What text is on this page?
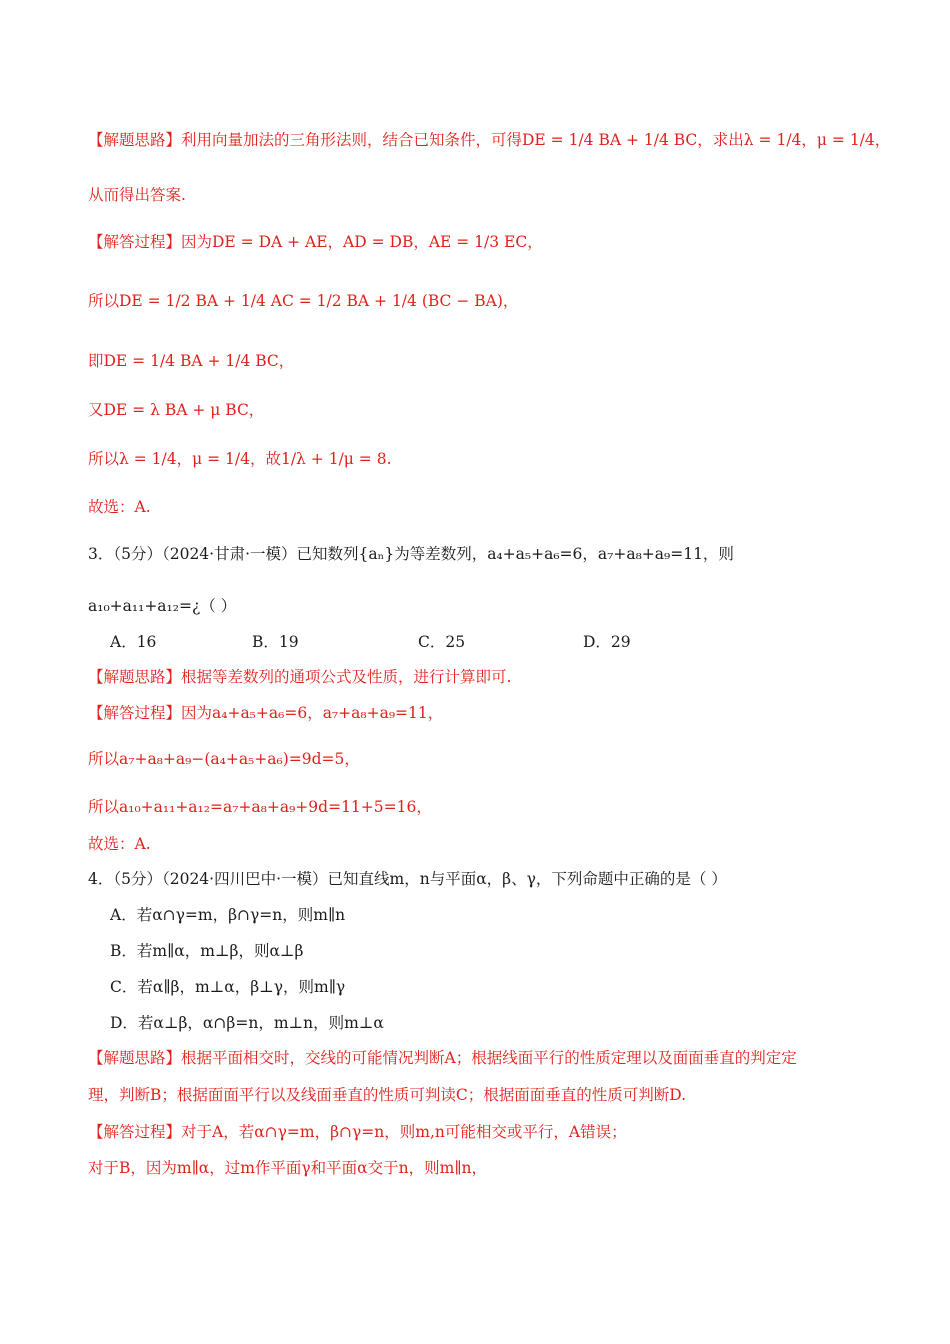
【解题思路】利用向量加法的三角形法则，结合已知条件，可得DE = 1/4 BA + 1/4 BC，求出λ = 1/4，μ = 1/4，
从而得出答案.
【解答过程】因为DE = DA + AE，AD = DB，AE = 1/3 EC，
所以DE = 1/2 BA + 1/4 AC = 1/2 BA + 1/4 (BC − BA)，
即DE = 1/4 BA + 1/4 BC，
又DE = λ BA + μ BC，
所以λ = 1/4，μ = 1/4，故1/λ + 1/μ = 8.
故选：A.
3．（5分）（2024·甘肃·一模）已知数列{aₙ}为等差数列，a₄+a₅+a₆=6，a₇+a₈+a₉=11，则
a₁₀+a₁₁+a₁₂=¿（ ）
A．16	B．19	C．25	D．29
【解题思路】根据等差数列的通项公式及性质，进行计算即可.
【解答过程】因为a₄+a₅+a₆=6，a₇+a₈+a₉=11，
所以a₇+a₈+a₉−(a₄+a₅+a₆)=9d=5，
所以a₁₀+a₁₁+a₁₂=a₇+a₈+a₉+9d=11+5=16，
故选：A.
4．（5分）（2024·四川巴中·一模）已知直线m，n与平面α，β、γ，下列命题中正确的是（ ）
A．若α∩γ=m，β∩γ=n，则m∥n
B．若m∥α，m⊥β，则α⊥β
C．若α∥β，m⊥α，β⊥γ，则m∥γ
D．若α⊥β，α∩β=n，m⊥n，则m⊥α
【解题思路】根据平面相交时，交线的可能情况判断A；根据线面平行的性质定理以及面面垂直的判定定
理，判断B；根据面面平行以及线面垂直的性质可判读C；根据面面垂直的性质可判断D.
【解答过程】对于A，若α∩γ=m，β∩γ=n，则m,n可能相交或平行，A错误；
对于B，因为m∥α，过m作平面γ和平面α交于n，则m∥n，
